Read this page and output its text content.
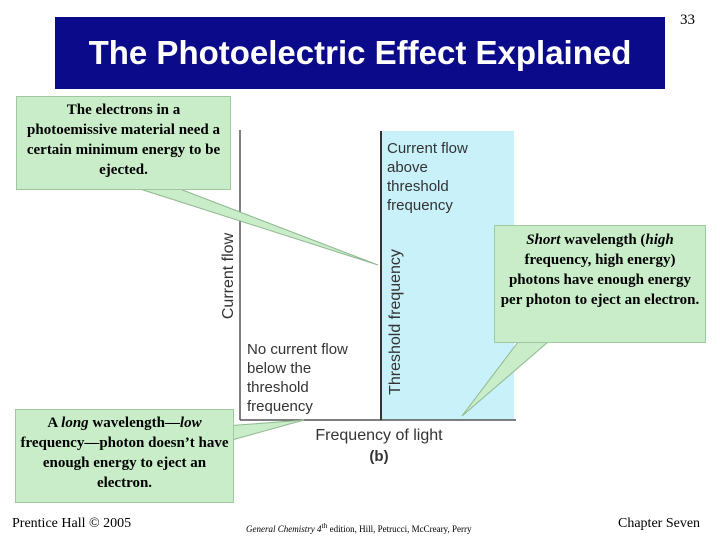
The Photoelectric Effect Explained
33
Current flow	Threshold frequency
Frequency of light
(b)
Current flow
above
threshold
frequency
No current flow
below the
threshold
frequency
The electrons in a photoemissive material need a certain minimum energy to be ejected.
Short wavelength (high frequency, high energy) photons have enough energy per photon to eject an electron.
A long wavelength—low frequency—photon doesn’t have enough energy to eject an electron.
Prentice Hall © 2005	General Chemistry 4th edition, Hill, Petrucci, McCreary, Perry	Chapter Seven
